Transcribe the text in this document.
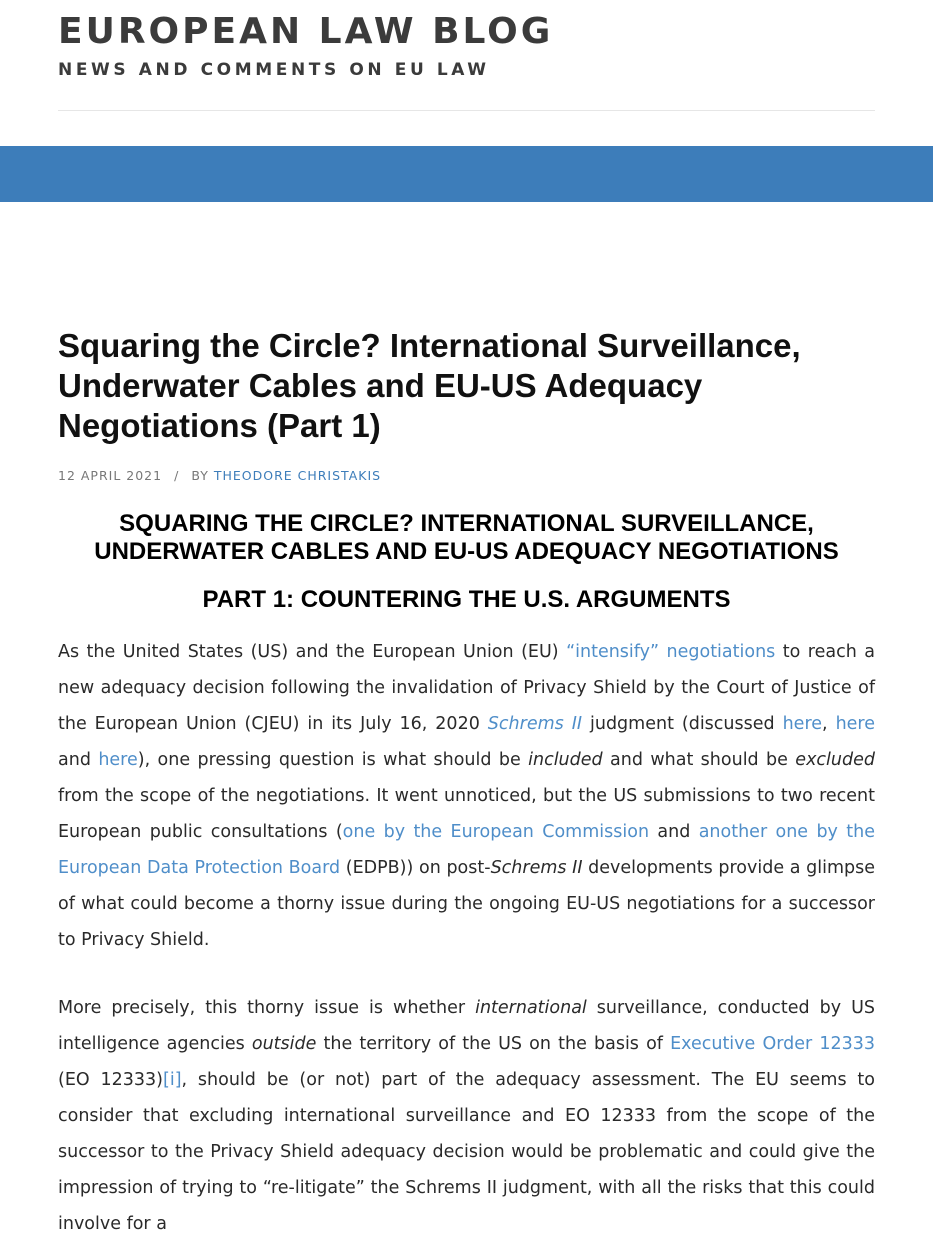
EUROPEAN LAW BLOG
NEWS AND COMMENTS ON EU LAW
Squaring the Circle? International Surveillance, Underwater Cables and EU-US Adequacy Negotiations (Part 1)
12 APRIL 2021 / BY THEODORE CHRISTAKIS
SQUARING THE CIRCLE? INTERNATIONAL SURVEILLANCE,
UNDERWATER CABLES AND EU-US ADEQUACY NEGOTIATIONS
PART 1: COUNTERING THE U.S. ARGUMENTS

As the United States (US) and the European Union (EU) “intensify” negotiations to reach a new adequacy decision following the invalidation of Privacy Shield by the Court of Justice of the European Union (CJEU) in its July 16, 2020 Schrems II judgment (discussed here, here and here), one pressing question is what should be included and what should be excluded from the scope of the negotiations. It went unnoticed, but the US submissions to two recent European public consultations (one by the European Commission and another one by the European Data Protection Board (EDPB)) on post-Schrems II developments provide a glimpse of what could become a thorny issue during the ongoing EU-US negotiations for a successor to Privacy Shield.

More precisely, this thorny issue is whether international surveillance, conducted by US intelligence agencies outside the territory of the US on the basis of Executive Order 12333 (EO 12333)[i], should be (or not) part of the adequacy assessment. The EU seems to consider that excluding international surveillance and EO 12333 from the scope of the successor to the Privacy Shield adequacy decision would be problematic and could give the impression of trying to “re-litigate” the Schrems II judgment, with all the risks that this could involve for a
